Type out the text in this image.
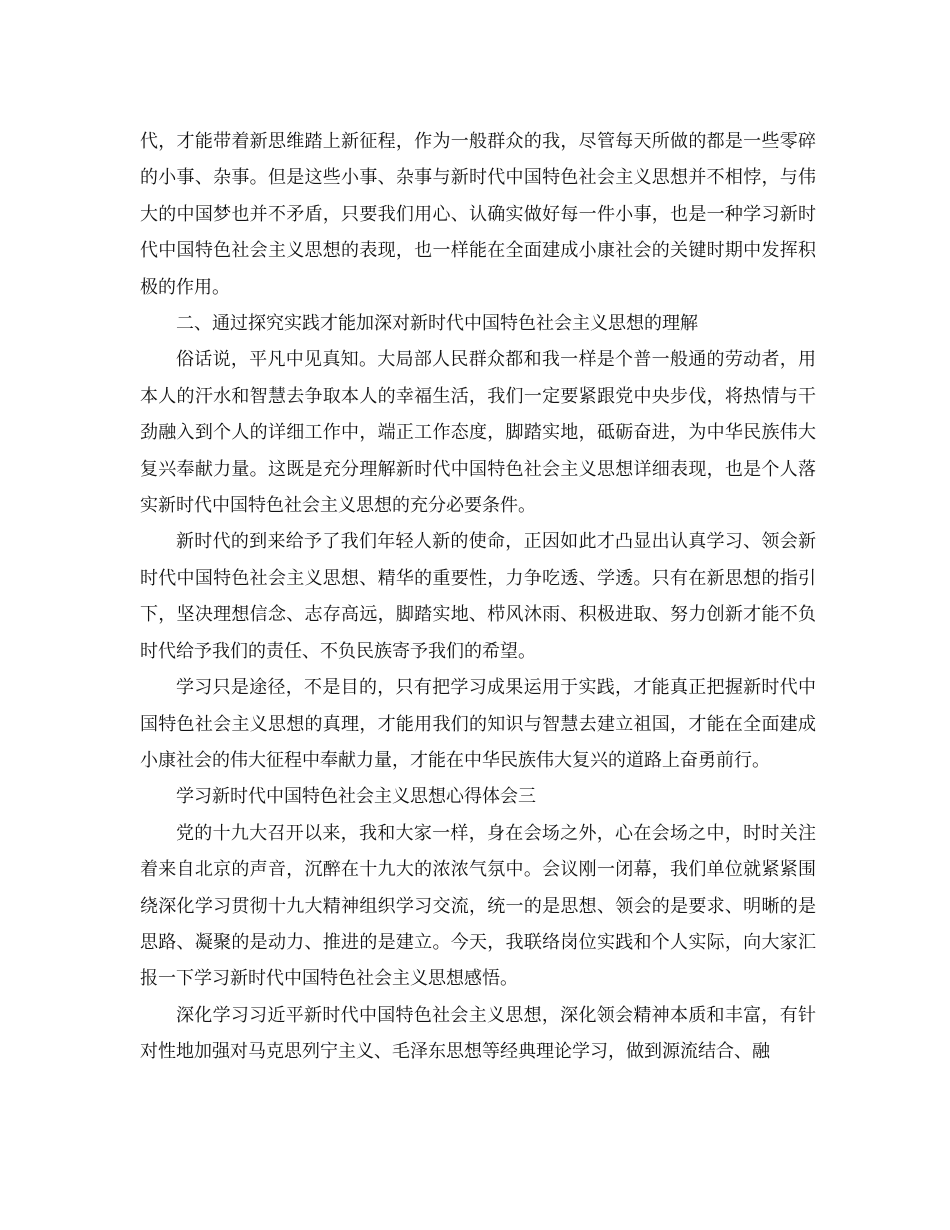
代，才能带着新思维踏上新征程，作为一般群众的我，尽管每天所做的都是一些零碎的小事、杂事。但是这些小事、杂事与新时代中国特色社会主义思想并不相悖，与伟大的中国梦也并不矛盾，只要我们用心、认确实做好每一件小事，也是一种学习新时代中国特色社会主义思想的表现，也一样能在全面建成小康社会的关键时期中发挥积极的作用。

二、通过探究实践才能加深对新时代中国特色社会主义思想的理解

俗话说，平凡中见真知。大局部人民群众都和我一样是个普一般通的劳动者，用本人的汗水和智慧去争取本人的幸福生活，我们一定要紧跟党中央步伐，将热情与干劲融入到个人的详细工作中，端正工作态度，脚踏实地，砥砺奋进，为中华民族伟大复兴奉献力量。这既是充分理解新时代中国特色社会主义思想详细表现，也是个人落实新时代中国特色社会主义思想的充分必要条件。

新时代的到来给予了我们年轻人新的使命，正因如此才凸显出认真学习、领会新时代中国特色社会主义思想、精华的重要性，力争吃透、学透。只有在新思想的指引下，坚决理想信念、志存高远，脚踏实地、栉风沐雨、积极进取、努力创新才能不负时代给予我们的责任、不负民族寄予我们的希望。

学习只是途径，不是目的，只有把学习成果运用于实践，才能真正把握新时代中国特色社会主义思想的真理，才能用我们的知识与智慧去建立祖国，才能在全面建成小康社会的伟大征程中奉献力量，才能在中华民族伟大复兴的道路上奋勇前行。

学习新时代中国特色社会主义思想心得体会三

党的十九大召开以来，我和大家一样，身在会场之外，心在会场之中，时时关注着来自北京的声音，沉醉在十九大的浓浓气氛中。会议刚一闭幕，我们单位就紧紧围绕深化学习贯彻十九大精神组织学习交流，统一的是思想、领会的是要求、明晰的是思路、凝聚的是动力、推进的是建立。今天，我联络岗位实践和个人实际，向大家汇报一下学习新时代中国特色社会主义思想感悟。

深化学习习近平新时代中国特色社会主义思想，深化领会精神本质和丰富，有针对性地加强对马克思列宁主义、毛泽东思想等经典理论学习，做到源流结合、融
